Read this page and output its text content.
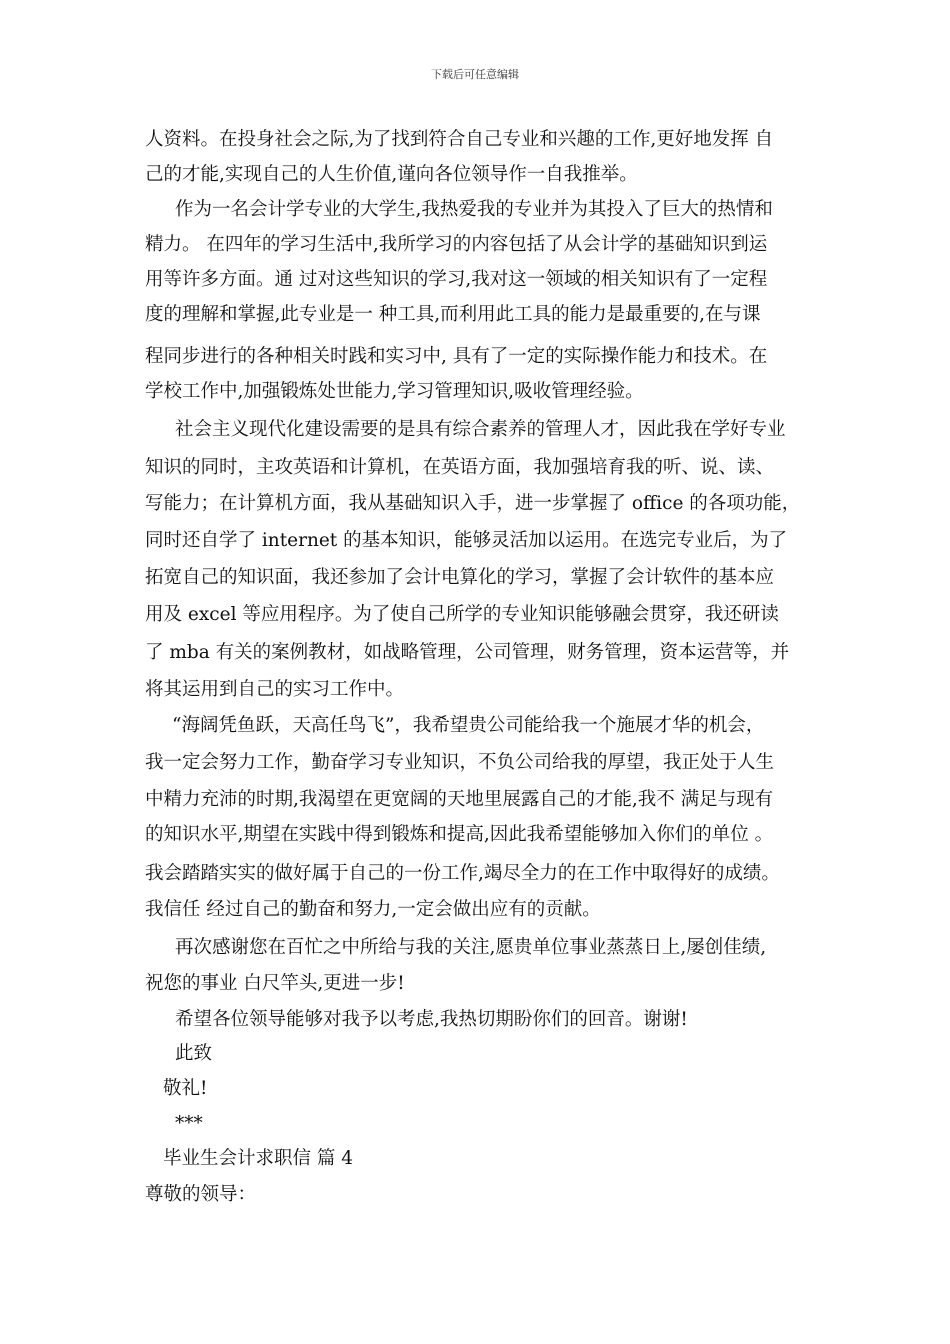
下载后可任意编辑
人资料。在投身社会之际,为了找到符合自己专业和兴趣的工作,更好地发挥 自
己的才能,实现自己的人生价值,谨向各位领导作一自我推举。
作为一名会计学专业的大学生,我热爱我的专业并为其投入了巨大的热情和
精力。 在四年的学习生活中,我所学习的内容包括了从会计学的基础知识到运
用等许多方面。通 过对这些知识的学习,我对这一领域的相关知识有了一定程
度的理解和掌握,此专业是一 种工具,而利用此工具的能力是最重要的,在与课
程同步进行的各种相关时践和实习中, 具有了一定的实际操作能力和技术。在
学校工作中,加强锻炼处世能力,学习管理知识,吸收管理经验。
社会主义现代化建设需要的是具有综合素养的管理人才，因此我在学好专业
知识的同时，主攻英语和计算机，在英语方面，我加强培育我的听、说、读、
写能力；在计算机方面，我从基础知识入手，进一步掌握了 office 的各项功能，
同时还自学了 internet 的基本知识，能够灵活加以运用。在选完专业后，为了
拓宽自己的知识面，我还参加了会计电算化的学习，掌握了会计软件的基本应
用及 excel 等应用程序。为了使自己所学的专业知识能够融会贯穿，我还研读
了 mba 有关的案例教材，如战略管理，公司管理，财务管理，资本运营等，并
将其运用到自己的实习工作中。
“海阔凭鱼跃，天高任鸟飞”，我希望贵公司能给我一个施展才华的机会，
我一定会努力工作，勤奋学习专业知识，不负公司给我的厚望，我正处于人生
中精力充沛的时期,我渴望在更宽阔的天地里展露自己的才能,我不 满足与现有
的知识水平,期望在实践中得到锻炼和提高,因此我希望能够加入你们的单位 。
我会踏踏实实的做好属于自己的一份工作,竭尽全力的在工作中取得好的成绩。
我信任 经过自己的勤奋和努力,一定会做出应有的贡献。
再次感谢您在百忙之中所给与我的关注,愿贵单位事业蒸蒸日上,屡创佳绩,
祝您的事业 白尺竿头,更进一步!
希望各位领导能够对我予以考虑,我热切期盼你们的回音。谢谢!
此致
敬礼!
***
毕业生会计求职信 篇 4
尊敬的领导：
